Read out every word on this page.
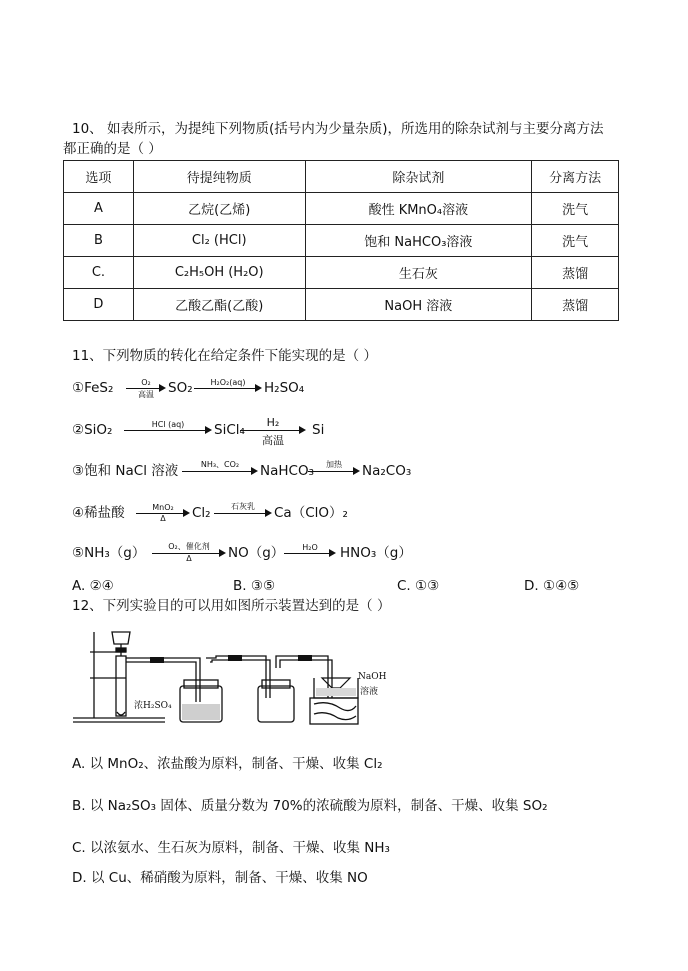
10、 如表所示，为提纯下列物质(括号内为少量杂质)，所选用的除杂试剂与主要分离方法
都正确的是（ ）
选项	待提纯物质	除杂试剂	分离方法
A	乙烷(乙烯)	酸性 KMnO₄溶液	洗气
B	Cl₂ (HCl)	饱和 NaHCO₃溶液	洗气
C.	C₂H₅OH (H₂O)	生石灰	蒸馏
D	乙酸乙酯(乙酸)	NaOH 溶液	蒸馏
11、下列物质的转化在给定条件下能实现的是（ ）
①FeS₂	O₂
高温	SO₂	H₂O₂(aq)	H₂SO₄
②SiO₂	HCl (aq)	SiCl₄	H₂
高温
Si
③饱和 NaCl 溶液	NH₃、CO₂	NaHCO₃	加热	Na₂CO₃
④稀盐酸	MnO₂
Δ	Cl₂	石灰乳	Ca（ClO）₂
⑤NH₃（g）	O₂、催化剂
Δ	NO（g）	H₂O	HNO₃（g）
A. ②④	B. ③⑤	C. ①③	D. ①④⑤
12、下列实验目的可以用如图所示装置达到的是（ ）
浓H₂SO₄
NaOH
溶液
A. 以 MnO₂、浓盐酸为原料，制备、干燥、收集 Cl₂
B. 以 Na₂SO₃ 固体、质量分数为 70%的浓硫酸为原料，制备、干燥、收集 SO₂
C. 以浓氨水、生石灰为原料，制备、干燥、收集 NH₃
D. 以 Cu、稀硝酸为原料，制备、干燥、收集 NO
